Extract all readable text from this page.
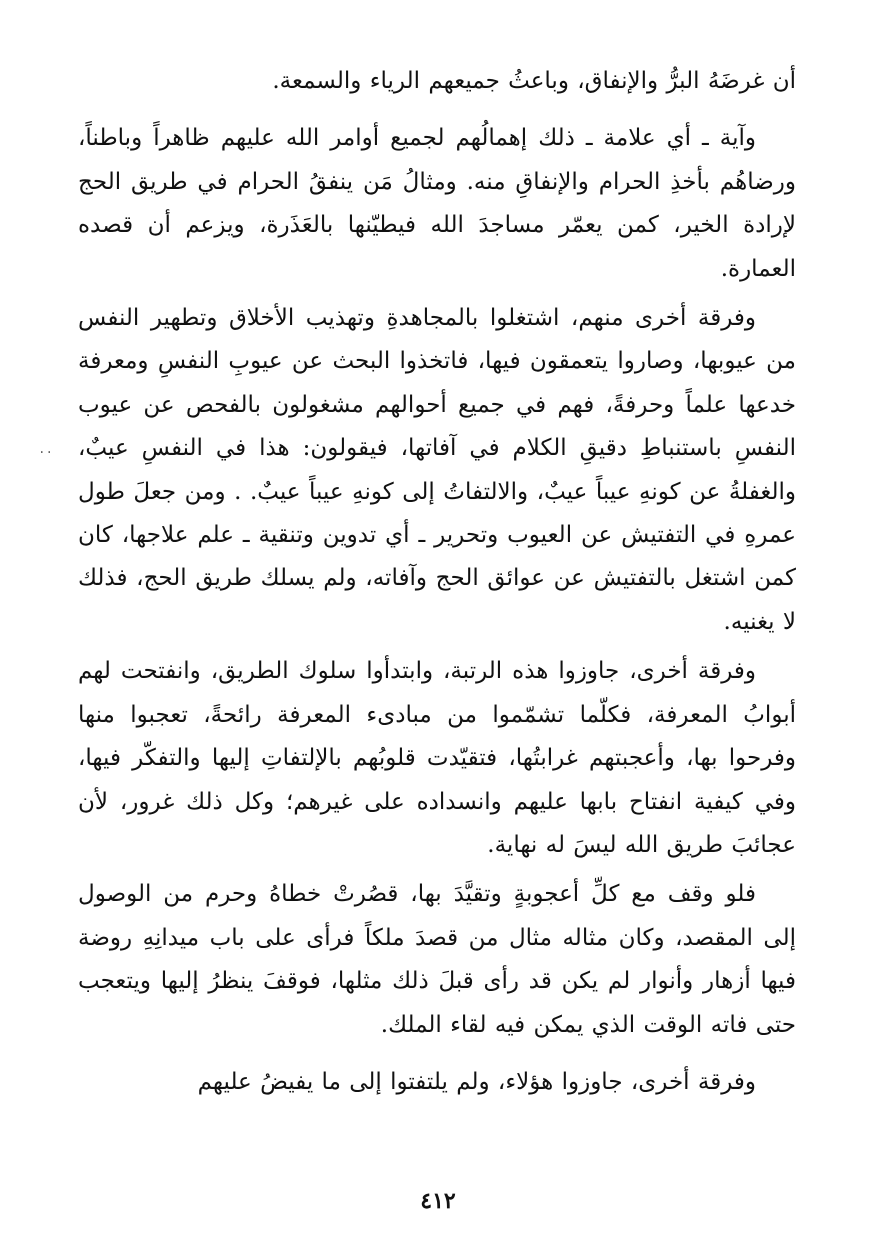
أن غرضَهُ البرُّ والإنفاق، وباعثُ جميعهم الرياء والسمعة.

وآية ـ أي علامة ـ ذلك إهمالُهم لجميع أوامر الله عليهم ظاهراً وباطناً، ورضاهُم بأخذِ الحرام والإنفاقِ منه. ومثالُ مَن ينفقُ الحرام في طريق الحج لإرادة الخير، كمن يعمّر مساجدَ الله فيطيّنها بالعَذَرة، ويزعم أن قصده العمارة.

وفرقة أخرى منهم، اشتغلوا بالمجاهدةِ وتهذيب الأخلاق وتطهير النفس من عيوبها، وصاروا يتعمقون فيها، فاتخذوا البحث عن عيوبِ النفسِ ومعرفة خدعها علماً وحرفةً، فهم في جميع أحوالهم مشغولون بالفحص عن عيوب النفسِ باستنباطِ دقيقِ الكلام في آفاتها، فيقولون: هذا في النفسِ عيبٌ، والغفلةُ عن كونهِ عيباً عيبٌ، والالتفاتُ إلى كونهِ عيباً عيبٌ. . ومن جعلَ طول عمرهِ في التفتيش عن العيوب وتحرير ـ أي تدوين وتنقية ـ علم علاجها، كان كمن اشتغل بالتفتيش عن عوائق الحج وآفاته، ولم يسلك طريق الحج، فذلك لا يغنيه.

وفرقة أخرى، جاوزوا هذه الرتبة، وابتدأوا سلوك الطريق، وانفتحت لهم أبوابُ المعرفة، فكلّما تشمّموا من مبادىء المعرفة رائحةً، تعجبوا منها وفرحوا بها، وأعجبتهم غرابتُها، فتقيّدت قلوبُهم بالإلتفاتِ إليها والتفكّر فيها، وفي كيفية انفتاح بابها عليهم وانسداده على غيرهم؛ وكل ذلك غرور، لأن عجائبَ طريق الله ليسَ له نهاية.

فلو وقف مع كلِّ أعجوبةٍ وتقيَّدَ بها، قصُرتْ خطاهُ وحرم من الوصول إلى المقصد، وكان مثاله مثال من قصدَ ملكاً فرأى على باب ميدانِهِ روضة فيها أزهار وأنوار لم يكن قد رأى قبلَ ذلك مثلها، فوقفَ ينظرُ إليها ويتعجب حتى فاته الوقت الذي يمكن فيه لقاء الملك.

وفرقة أخرى، جاوزوا هؤلاء، ولم يلتفتوا إلى ما يفيضُ عليهم

٠٠
٤١٢
